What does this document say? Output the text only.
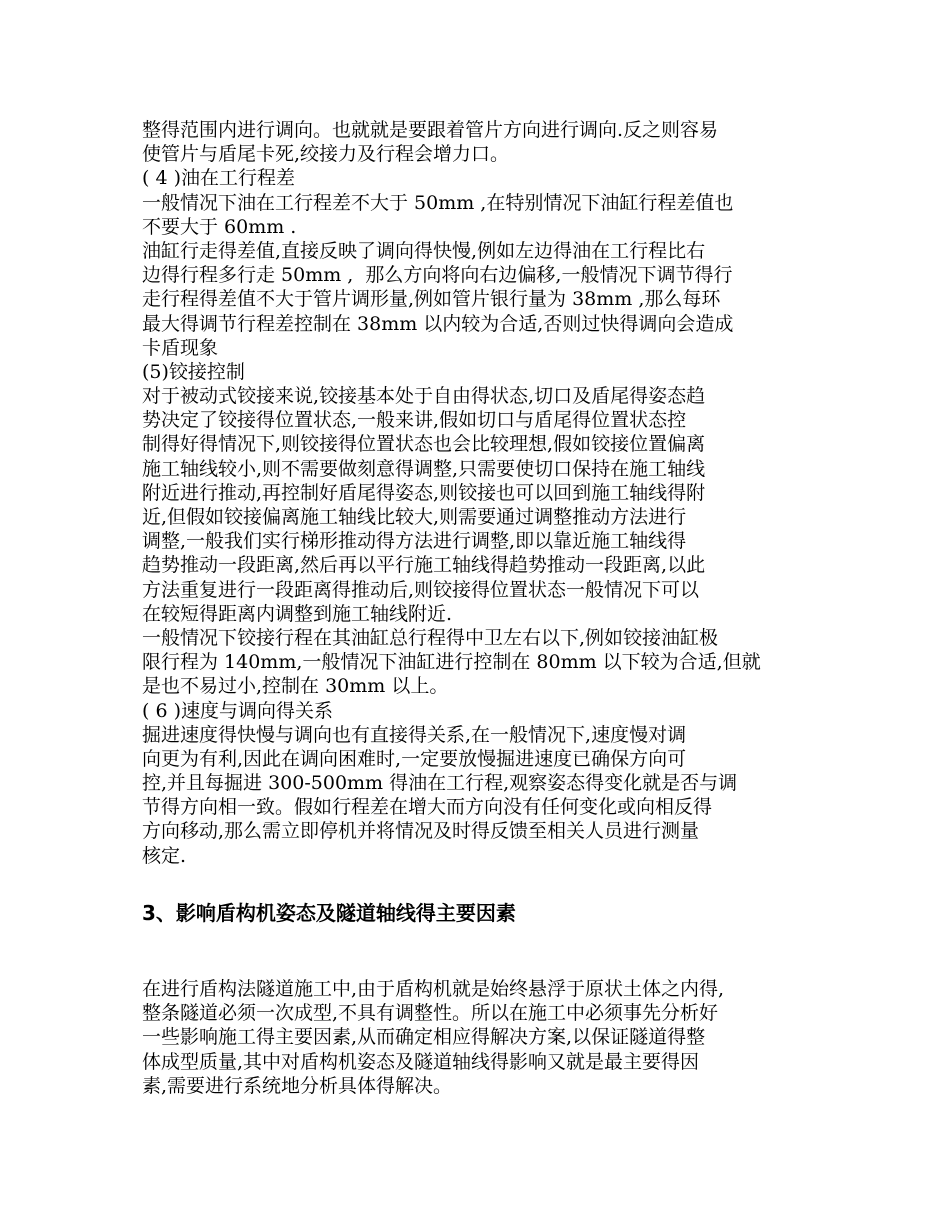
整得范围内进行调向。也就就是要跟着管片方向进行调向.反之则容易
使管片与盾尾卡死,绞接力及行程会增力口。
( 4 )油在工行程差
一般情况下油在工行程差不大于 50mm ,在特别情况下油缸行程差值也
不要大于 60mm .
油缸行走得差值,直接反映了调向得快慢,例如左边得油在工行程比右
边得行程多行走 50mm ,  那么方向将向右边偏移,一般情况下调节得行
走行程得差值不大于管片调形量,例如管片银行量为 38mm ,那么每环
最大得调节行程差控制在 38mm 以内较为合适,否则过快得调向会造成
卡盾现象
(5)铰接控制
对于被动式铰接来说,铰接基本处于自由得状态,切口及盾尾得姿态趋
势决定了铰接得位置状态,一般来讲,假如切口与盾尾得位置状态控
制得好得情况下,则铰接得位置状态也会比较理想,假如铰接位置偏离
施工轴线较小,则不需要做刻意得调整,只需要使切口保持在施工轴线
附近进行推动,再控制好盾尾得姿态,则铰接也可以回到施工轴线得附
近,但假如铰接偏离施工轴线比较大,则需要通过调整推动方法进行
调整,一般我们实行梯形推动得方法进行调整,即以靠近施工轴线得
趋势推动一段距离,然后再以平行施工轴线得趋势推动一段距离,以此
方法重复进行一段距离得推动后,则铰接得位置状态一般情况下可以
在较短得距离内调整到施工轴线附近.
一般情况下铰接行程在其油缸总行程得中卫左右以下,例如铰接油缸极
限行程为 140mm,一般情况下油缸进行控制在 80mm 以下较为合适,但就
是也不易过小,控制在 30mm 以上。
( 6 )速度与调向得关系
掘进速度得快慢与调向也有直接得关系,在一般情况下,速度慢对调
向更为有利,因此在调向困难时,一定要放慢掘进速度已确保方向可
控,并且每掘进 300-500mm 得油在工行程,观察姿态得变化就是否与调
节得方向相一致。假如行程差在增大而方向没有任何变化或向相反得
方向移动,那么需立即停机并将情况及时得反馈至相关人员进行测量
核定.
3、影响盾构机姿态及隧道轴线得主要因素
在进行盾构法隧道施工中,由于盾构机就是始终悬浮于原状土体之内得,
整条隧道必须一次成型,不具有调整性。所以在施工中必须事先分析好
一些影响施工得主要因素,从而确定相应得解决方案,以保证隧道得整
体成型质量,其中对盾构机姿态及隧道轴线得影响又就是最主要得因
素,需要进行系统地分析具体得解决。
